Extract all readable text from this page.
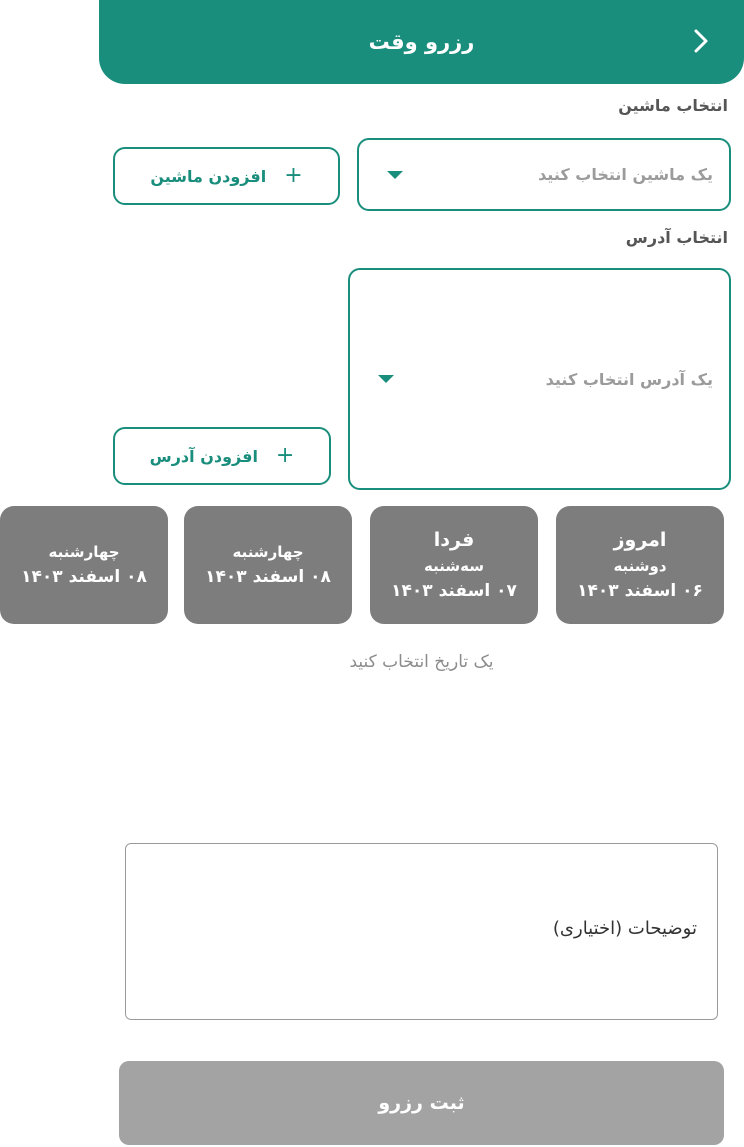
رزرو وقت
انتخاب ماشین
یک ماشین انتخاب کنید
+
افزودن ماشین
انتخاب آدرس
یک آدرس انتخاب کنید
+
افزودن آدرس
امروز
دوشنبه
۰۶ اسفند ۱۴۰۳
فردا
سه‌شنبه
۰۷ اسفند ۱۴۰۳
چهارشنبه
۰۸ اسفند ۱۴۰۳
چهارشنبه
۰۸ اسفند ۱۴۰۳
یک تاریخ انتخاب کنید
توضیحات (اختیاری)
ثبت رزرو
